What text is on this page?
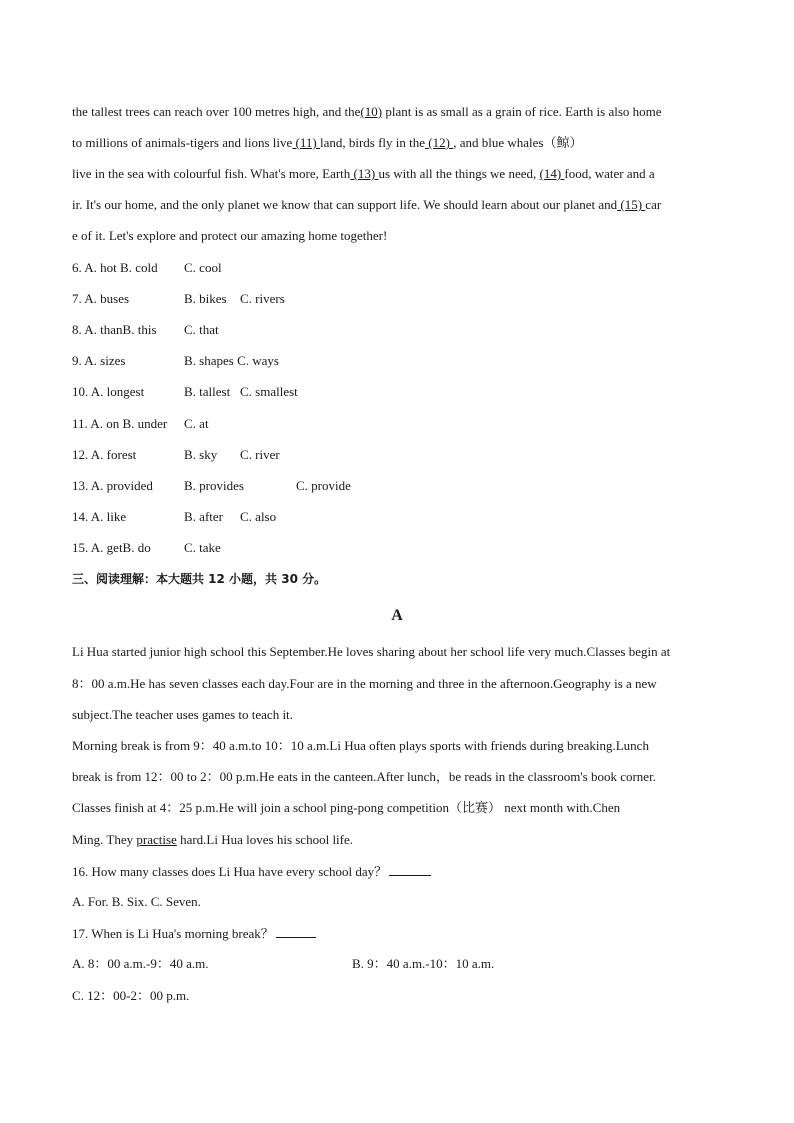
the tallest trees can reach over 100 metres high, and the(10) plant is as small as a grain of rice. Earth is also home
to millions of animals-tigers and lions live (11) land, birds fly in the (12) , and blue whales（鲸）
live in the sea with colourful fish. What's more, Earth (13) us with all the things we need, (14) food, water and a
ir. It's our home, and the only planet we know that can support life. We should learn about our planet and (15) car
e of it. Let's explore and protect our amazing home together!
6. A. hot B. cold C. cool
7. A. buses	B. bikes C. rivers
8. A. thanB. this C. that
9. A. sizes	B. shapes C. ways
10. A. longest	B. tallest C. smallest
11. A. on B. under C. at
12. A. forest	B. sky C. river
13. A. provided B. provides	C. provide
14. A. like	B. after C. also
15. A. getB. do	C. take
三、阅读理解：本大题共 12 小题，共 30 分。
A
Li Hua started junior high school this September.He loves sharing about her school life very much.Classes begin at
8：00 a.m.He has seven classes each day.Four are in the morning and three in the afternoon.Geography is a new
subject.The teacher uses games to teach it.
Morning break is from 9：40 a.m.to 10：10 a.m.Li Hua often plays sports with friends during breaking.Lunch
break is from 12：00 to 2：00 p.m.He eats in the canteen.After lunch，be reads in the classroom's book corner.
Classes finish at 4：25 p.m.He will join a school ping-pong competition（比赛） next month with.Chen
Ming. They practise hard.Li Hua loves his school life.
16. How many classes does Li Hua have every school day？
A. For. B. Six. C. Seven.
17. When is Li Hua's morning break？
A. 8：00 a.m.-9：40 a.m.	B. 9：40 a.m.-10：10 a.m.
C. 12：00-2：00 p.m.
